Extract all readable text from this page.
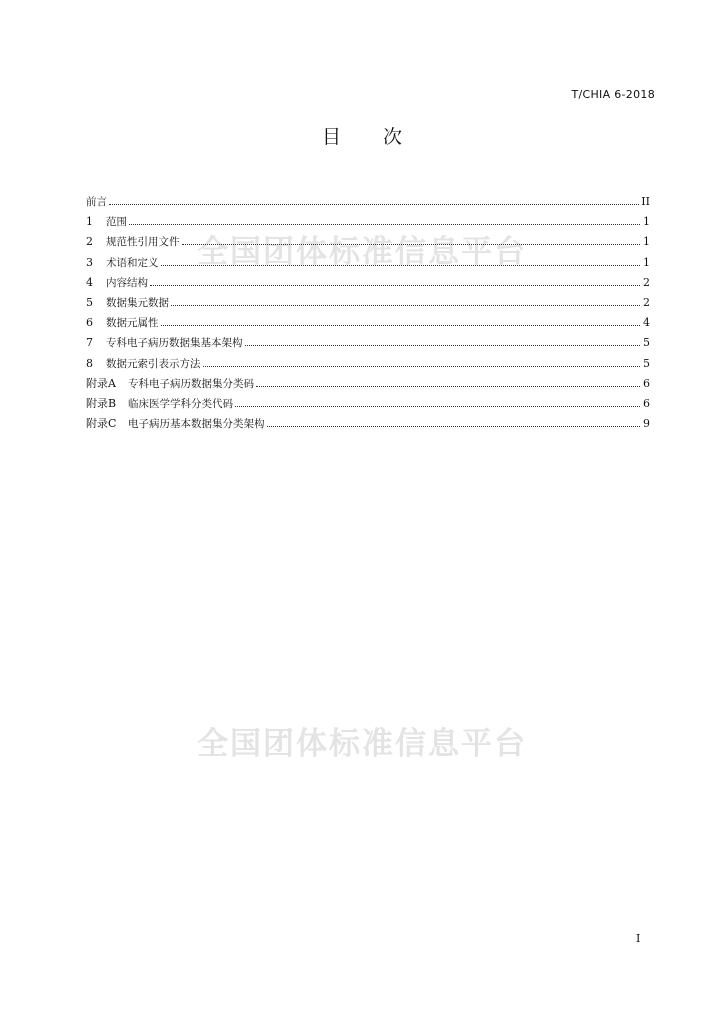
全国团体标准信息平台
全国团体标准信息平台
T/CHIA 6-2018
目 次
前言	II
1	范围	1
2	规范性引用文件	1
3	术语和定义	1
4	内容结构	2
5	数据集元数据	2
6	数据元属性	4
7	专科电子病历数据集基本架构	5
8	数据元索引表示方法	5
附录A	专科电子病历数据集分类码	6
附录B	临床医学学科分类代码	6
附录C	电子病历基本数据集分类架构	9
I
